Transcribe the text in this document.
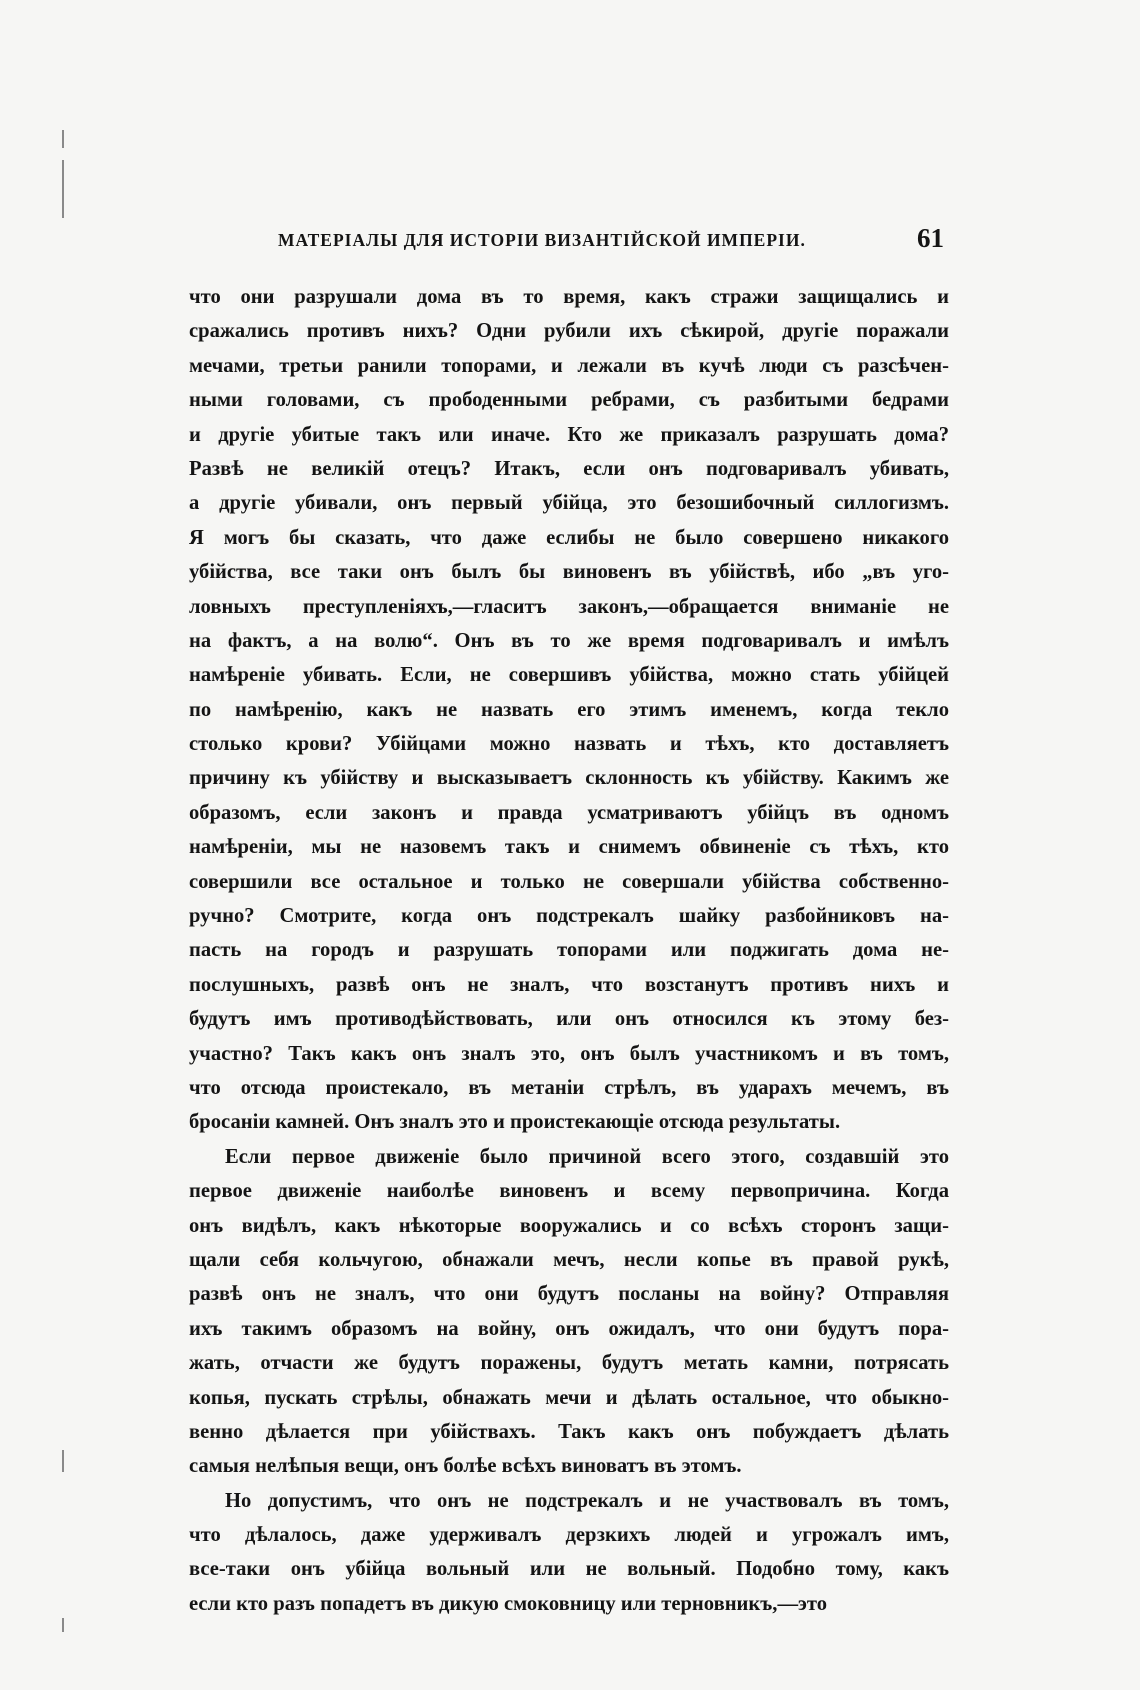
МАТЕРІАЛЫ ДЛЯ ИСТОРІИ ВИЗАНТІЙСКОЙ ИМПЕРІИ.	61
что они разрушали дома въ то время, какъ стражи защищались и
сражались противъ нихъ? Одни рубили ихъ сѣкирой, другіе поражали
мечами, третьи ранили топорами, и лежали въ кучѣ люди съ разсѣчен-
ными головами, съ прободенными ребрами, съ разбитыми бедрами
и другіе убитые такъ или иначе. Кто же приказалъ разрушать дома?
Развѣ не великій отецъ? Итакъ, если онъ подговаривалъ убивать,
а другіе убивали, онъ первый убійца, это безошибочный силлогизмъ.
Я могъ бы сказать, что даже еслибы не было совершено никакого
убійства, все таки онъ былъ бы виновенъ въ убійствѣ, ибо „въ уго-
ловныхъ преступленіяхъ,—гласитъ законъ,—обращается вниманіе не
на фактъ, а на волю“. Онъ въ то же время подговаривалъ и имѣлъ
намѣреніе убивать. Если, не совершивъ убійства, можно стать убійцей
по намѣренію, какъ не назвать его этимъ именемъ, когда текло
столько крови? Убійцами можно назвать и тѣхъ, кто доставляетъ
причину къ убійству и высказываетъ склонность къ убійству. Какимъ же
образомъ, если законъ и правда усматриваютъ убійцъ въ одномъ
намѣреніи, мы не назовемъ такъ и снимемъ обвиненіе съ тѣхъ, кто
совершили все остальное и только не совершали убійства собственно-
ручно? Смотрите, когда онъ подстрекалъ шайку разбойниковъ на-
пасть на городъ и разрушать топорами или поджигать дома не-
послушныхъ, развѣ онъ не зналъ, что возстанутъ противъ нихъ и
будутъ имъ противодѣйствовать, или онъ относился къ этому без-
участно? Такъ какъ онъ зналъ это, онъ былъ участникомъ и въ томъ,
что отсюда проистекало, въ метаніи стрѣлъ, въ ударахъ мечемъ, въ
бросаніи камней. Онъ зналъ это и проистекающіе отсюда результаты.
Если первое движеніе было причиной всего этого, создавшій это
первое движеніе наиболѣе виновенъ и всему первопричина. Когда
онъ видѣлъ, какъ нѣкоторые вооружались и со всѣхъ сторонъ защи-
щали себя кольчугою, обнажали мечъ, несли копье въ правой рукѣ,
развѣ онъ не зналъ, что они будутъ посланы на войну? Отправляя
ихъ такимъ образомъ на войну, онъ ожидалъ, что они будутъ пора-
жать, отчасти же будутъ поражены, будутъ метать камни, потрясать
копья, пускать стрѣлы, обнажать мечи и дѣлать остальное, что обыкно-
венно дѣлается при убійствахъ. Такъ какъ онъ побуждаетъ дѣлать
самыя нелѣпыя вещи, онъ болѣе всѣхъ виноватъ въ этомъ.
Но допустимъ, что онъ не подстрекалъ и не участвовалъ въ томъ,
что дѣлалось, даже удерживалъ дерзкихъ людей и угрожалъ имъ,
все-таки онъ убійца вольный или не вольный. Подобно тому, какъ
если кто разъ попадетъ въ дикую смоковницу или терновникъ,—это
